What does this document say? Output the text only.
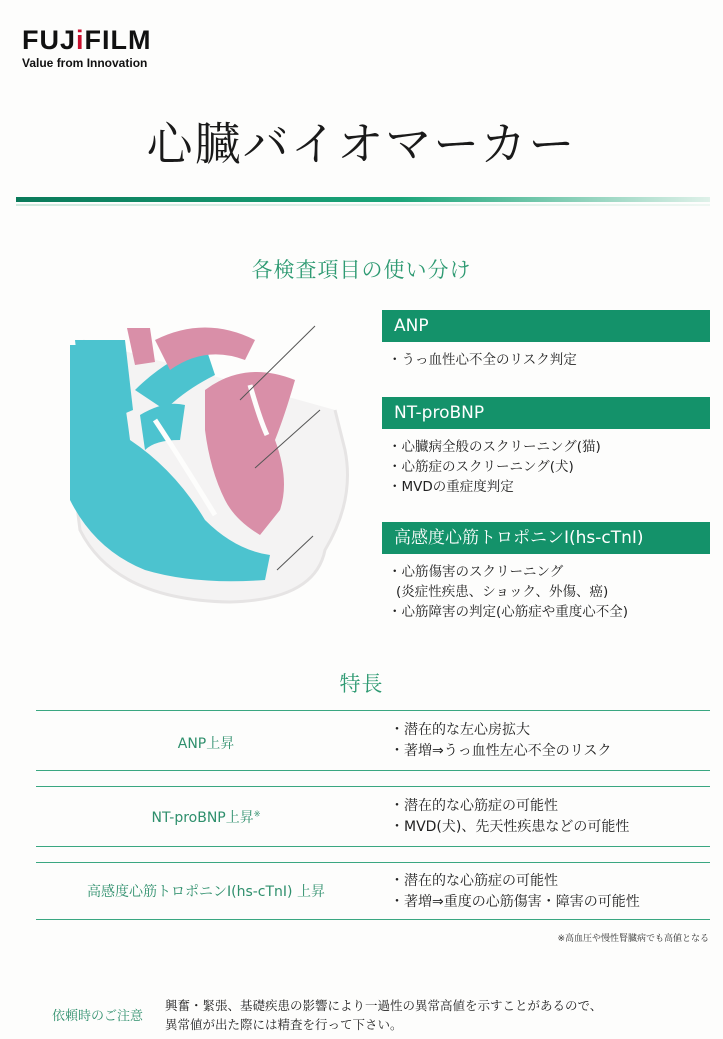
FUJiFILM
Value from Innovation
心臓バイオマーカー
各検査項目の使い分け
ANP
・うっ血性心不全のリスク判定
NT-proBNP
・心臓病全般のスクリーニング(猫)
・心筋症のスクリーニング(犬)
・MVDの重症度判定
高感度心筋トロポニンI(hs-cTnI)
・心筋傷害のスクリーニング
(炎症性疾患、ショック、外傷、癌)
・心筋障害の判定(心筋症や重度心不全)
特長
ANP上昇
・潜在的な左心房拡大
・著増⇒うっ血性左心不全のリスク
NT-proBNP上昇※	・潜在的な心筋症の可能性
・MVD(犬)、先天性疾患などの可能性
高感度心筋トロポニンI(hs-cTnI) 上昇
・潜在的な心筋症の可能性
・著増⇒重度の心筋傷害・障害の可能性
※高血圧や慢性腎臓病でも高値となる
依頼時のご注意
興奮・緊張、基礎疾患の影響により一過性の異常高値を示すことがあるので、
異常値が出た際には精査を行って下さい。
